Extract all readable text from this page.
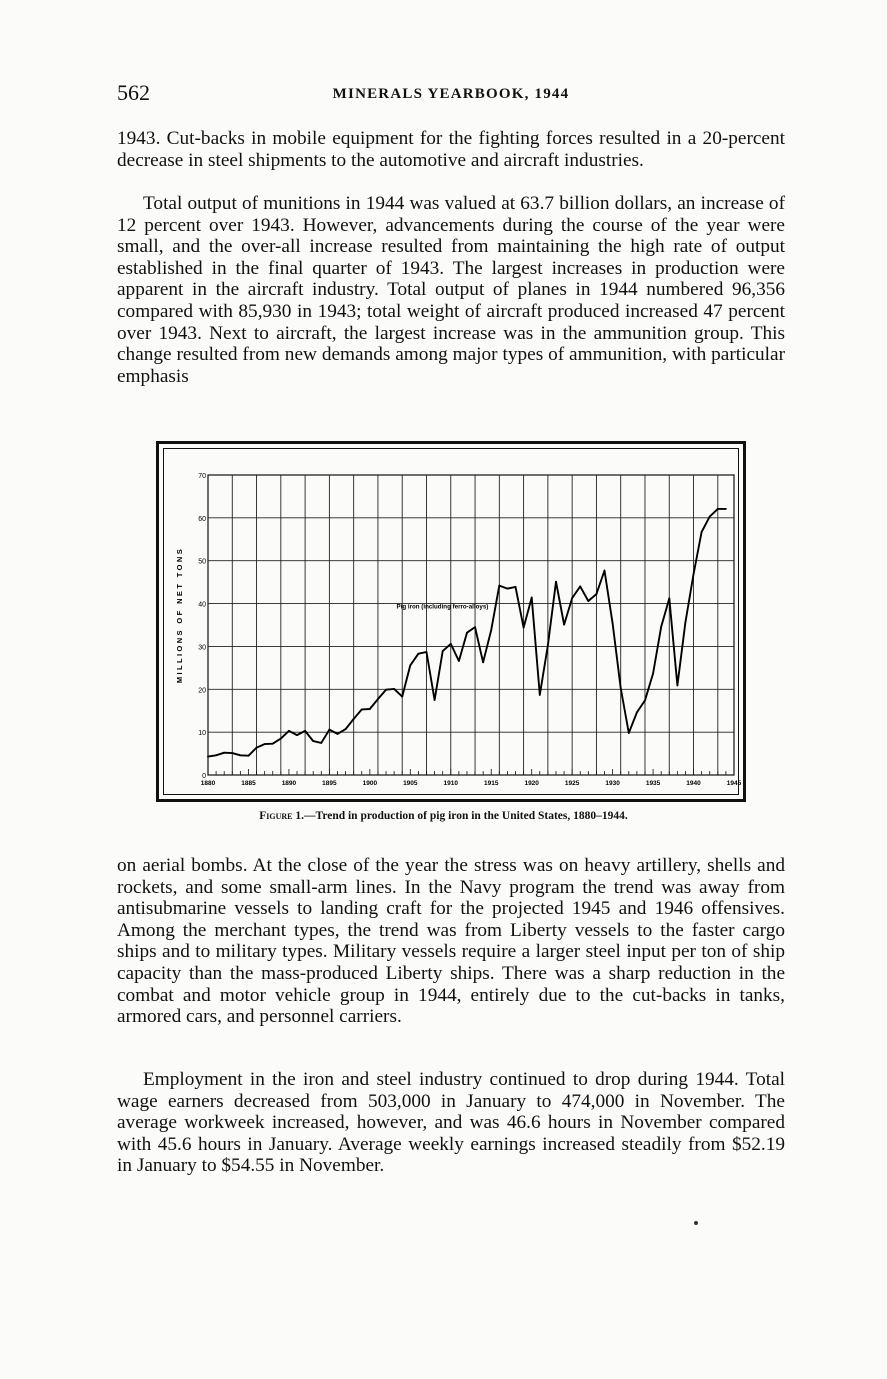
562	MINERALS YEARBOOK, 1944

1943. Cut-backs in mobile equipment for the fighting forces resulted in a 20-percent decrease in steel shipments to the automotive and aircraft industries.

Total output of munitions in 1944 was valued at 63.7 billion dollars, an increase of 12 percent over 1943. However, advancements during the course of the year were small, and the over-all increase resulted from maintaining the high rate of output established in the final quarter of 1943. The largest increases in production were apparent in the aircraft industry. Total output of planes in 1944 numbered 96,356 compared with 85,930 in 1943; total weight of aircraft produced increased 47 percent over 1943. Next to aircraft, the largest increase was in the ammunition group. This change resulted from new demands among major types of ammunition, with particular emphasis

0
10
20
30
40
50
60
70
1880	1885	1890	1895	1900	1905	1910	1915	1920	1925	1930	1935	1940	1945
MILLIONS OF NET TONS	Pig iron (including ferro-alloys)
Figure 1.—Trend in production of pig iron in the United States, 1880–1944.

on aerial bombs. At the close of the year the stress was on heavy artillery, shells and rockets, and some small-arm lines. In the Navy program the trend was away from antisubmarine vessels to landing craft for the projected 1945 and 1946 offensives. Among the merchant types, the trend was from Liberty vessels to the faster cargo ships and to military types. Military vessels require a larger steel input per ton of ship capacity than the mass-produced Liberty ships. There was a sharp reduction in the combat and motor vehicle group in 1944, entirely due to the cut-backs in tanks, armored cars, and personnel carriers.

Employment in the iron and steel industry continued to drop during 1944. Total wage earners decreased from 503,000 in January to 474,000 in November. The average workweek increased, however, and was 46.6 hours in November compared with 45.6 hours in January. Average weekly earnings increased steadily from $52.19 in January to $54.55 in November.
